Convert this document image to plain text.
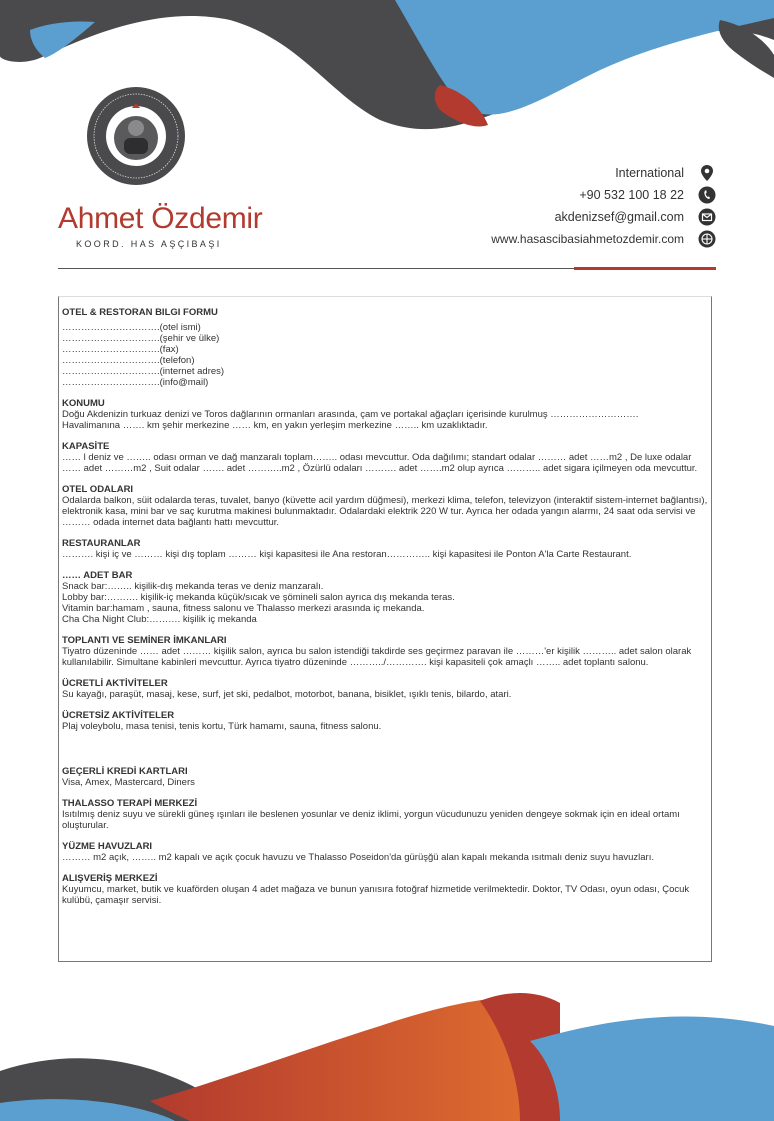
Ahmet Özdemir
KOORD. HAS AŞÇIBAŞI
International
+90 532 100 18 22
akdenizsef@gmail.com
www.hasascibasiahmetozdemir.com
OTEL & RESTORAN BILGI FORMU
………………………….(otel ismi)
………………………….(şehir ve ülke)
………………………….(fax)
………………………….(telefon)
………………………….(internet adres)
………………………….(info@mail)
KONUMU
Doğu Akdenizin turkuaz denizi ve Toros dağlarının ormanları arasında, çam ve portakal ağaçları içerisinde kurulmuş ……………………….
Havalimanına ……. km şehir merkezine …… km, en yakın yerleşim merkezine …….. km uzaklıktadır.
KAPASİTE
…… l deniz ve …….. odası orman ve dağ manzaralı toplam…….. odası mevcuttur. Oda dağılımı; standart odalar ……… adet ……m2 , De luxe odalar …… adet ………m2 , Suit odalar ……. adet ………..m2 , Özürlü odaları ………. adet …….m2 olup ayrıca ……….. adet sigara içilmeyen oda mevcuttur.
OTEL ODALARI
Odalarda balkon, süit odalarda teras, tuvalet, banyo (küvette acil yardım düğmesi), merkezi klima, telefon, televizyon (interaktif sistem-internet bağlantısı), elektronik kasa, mini bar ve saç kurutma makinesi bulunmaktadır. Odalardaki elektrik 220 W tur. Ayrıca her odada yangın alarmı, 24 saat oda servisi ve ……… odada internet data bağlantı hattı mevcuttur.
RESTAURANLAR
………. kişi iç ve ……… kişi dış toplam ……… kişi kapasitesi ile Ana restoran………….. kişi kapasitesi ile Ponton A'la Carte Restaurant.
…… ADET BAR
Snack bar:…….. kişilik-dış mekanda teras ve deniz manzaralı.
Lobby bar:………. kişilik-iç mekanda küçük/sıcak ve şömineli salon ayrıca dış mekanda teras.
Vitamin bar:hamam , sauna, fitness salonu ve Thalasso merkezi arasında iç mekanda.
Cha Cha Night Club:………. kişilik iç mekanda
TOPLANTI VE SEMİNER İMKANLARI
Tiyatro düzeninde …… adet ……… kişilik salon, ayrıca bu salon istendiği takdirde ses geçirmez paravan ile ………'er kişilik ……….. adet salon olarak kullanılabilir. Simultane kabinleri mevcuttur. Ayrıca tiyatro düzeninde ………../…………. kişi kapasiteli çok amaçlı …….. adet toplantı salonu.
ÜCRETLİ AKTİVİTELER
Su kayağı, paraşüt, masaj, kese, surf, jet ski, pedalbot, motorbot, banana, bisiklet, ışıklı tenis, bilardo, atari.
ÜCRETSİZ AKTİVİTELER
Plaj voleybolu, masa tenisi, tenis kortu, Türk hamamı, sauna, fitness salonu.
GEÇERLİ KREDİ KARTLARI
Visa, Amex, Mastercard, Diners
THALASSO TERAPİ MERKEZİ
Isıtılmış deniz suyu ve sürekli güneş ışınları ile beslenen yosunlar ve deniz iklimi, yorgun vücudunuzu yeniden dengeye sokmak için en ideal ortamı oluşturular.
YÜZME HAVUZLARI
……… m2 açık, …….. m2 kapalı ve açık çocuk havuzu ve Thalasso Poseidon'da gürüşğü alan kapalı mekanda ısıtmalı deniz suyu havuzları.
ALIŞVERİŞ MERKEZİ
Kuyumcu, market, butik ve kuaförden oluşan 4 adet mağaza ve bunun yanısıra fotoğraf hizmetide verilmektedir. Doktor, TV Odası, oyun odası, Çocuk kulübü, çamaşır servisi.
